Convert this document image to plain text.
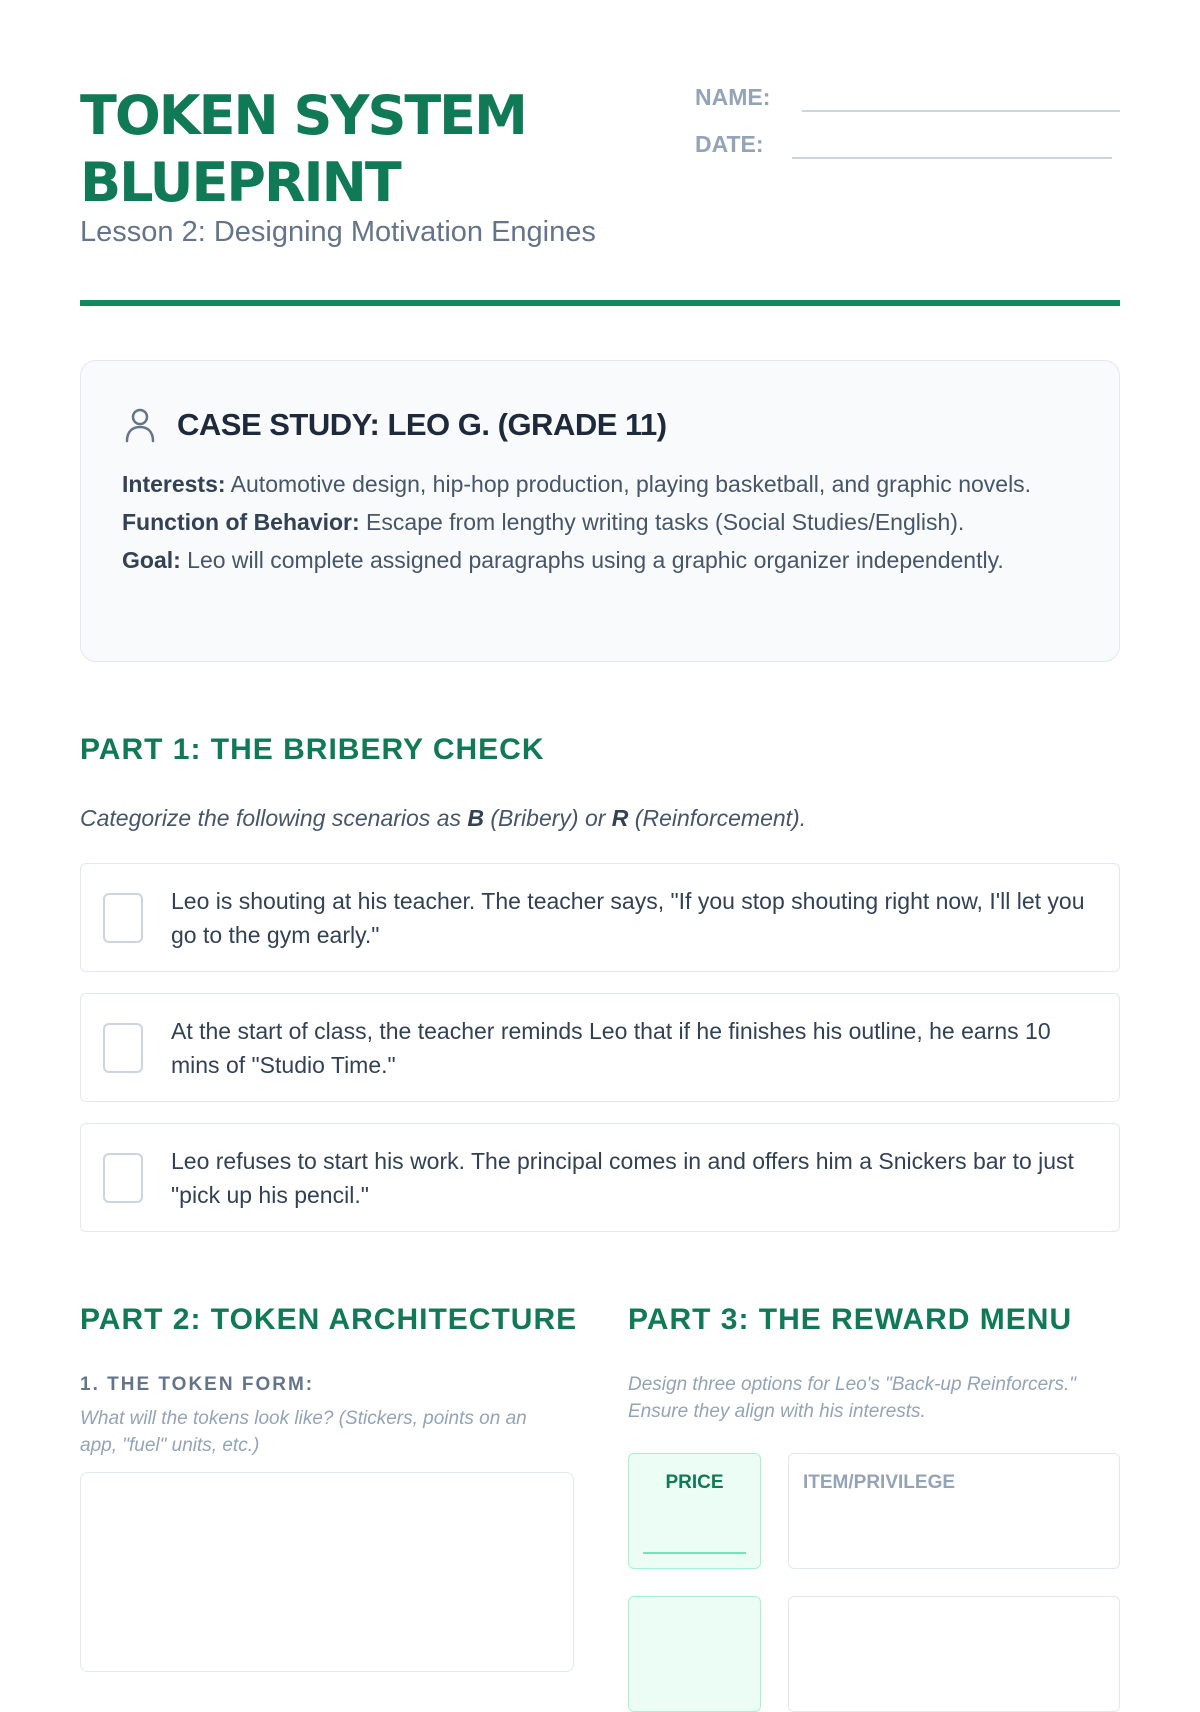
TOKEN SYSTEM
BLUEPRINT
Lesson 2: Designing Motivation Engines
NAME:
DATE:
CASE STUDY: LEO G. (GRADE 11)

Interests: Automotive design, hip-hop production, playing basketball, and graphic novels.

Function of Behavior: Escape from lengthy writing tasks (Social Studies/English).

Goal: Leo will complete assigned paragraphs using a graphic organizer independently.

PART 1: THE BRIBERY CHECK
Categorize the following scenarios as B (Bribery) or R (Reinforcement).
Leo is shouting at his teacher. The teacher says, "If you stop shouting right now, I'll let you go to the gym early."
At the start of class, the teacher reminds Leo that if he finishes his outline, he earns 10 mins of "Studio Time."
Leo refuses to start his work. The principal comes in and offers him a Snickers bar to just "pick up his pencil."
PART 2: TOKEN ARCHITECTURE
1. THE TOKEN FORM:
What will the tokens look like? (Stickers, points on an app, "fuel" units, etc.)
PART 3: THE REWARD MENU
Design three options for Leo's "Back-up Reinforcers." Ensure they align with his interests.
PRICE	ITEM/PRIVILEGE
